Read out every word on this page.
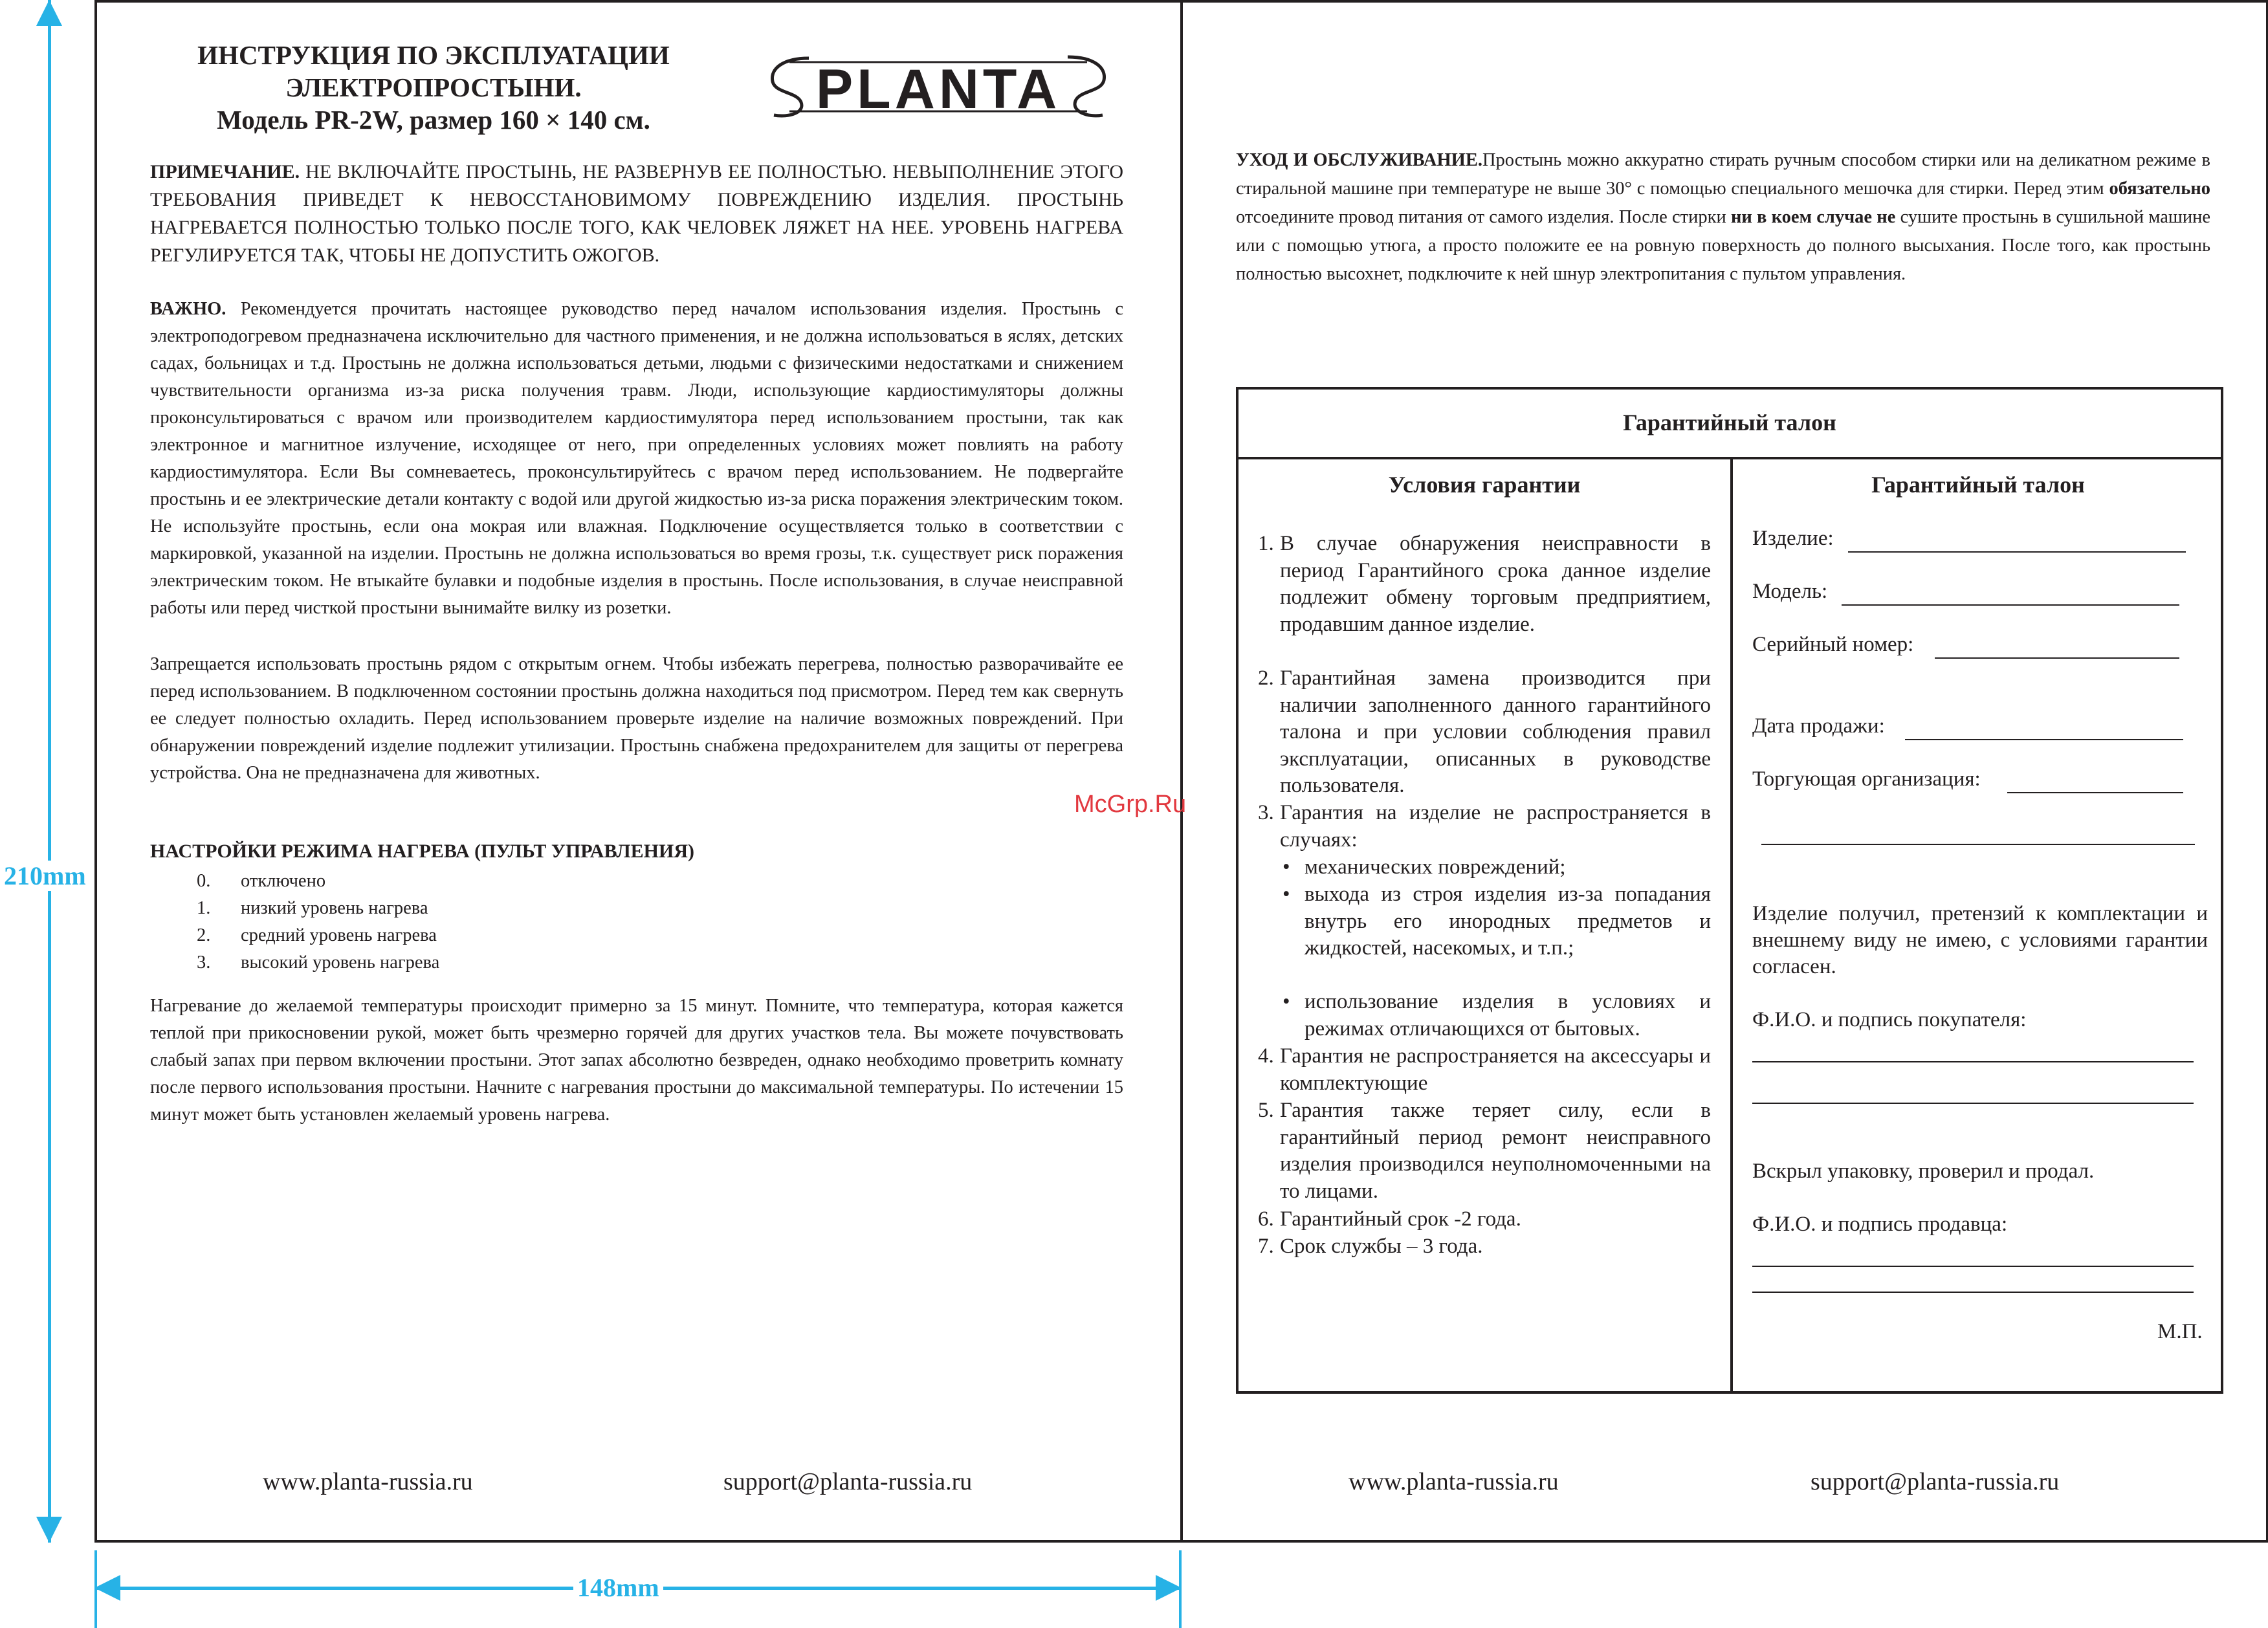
210mm
148mm
ИНСТРУКЦИЯ ПО ЭКСПЛУАТАЦИИ
ЭЛЕКТРОПРОСТЫНИ.
Модель PR-2W, размер 160 × 140 см.	PLANTA
ПРИМЕЧАНИЕ. НЕ ВКЛЮЧАЙТЕ ПРОСТЫНЬ, НЕ РАЗВЕРНУВ ЕЕ ПОЛНОСТЬЮ. НЕВЫПОЛНЕНИЕ ЭТОГО ТРЕБОВАНИЯ ПРИВЕДЕТ К НЕВОССТАНОВИМОМУ ПОВРЕЖДЕНИЮ ИЗДЕЛИЯ. ПРОСТЫНЬ НАГРЕВАЕТСЯ ПОЛНОСТЬЮ ТОЛЬКО ПОСЛЕ ТОГО, КАК ЧЕЛОВЕК ЛЯЖЕТ НА НЕЕ. УРОВЕНЬ НАГРЕВА РЕГУЛИРУЕТСЯ ТАК, ЧТОБЫ НЕ ДОПУСТИТЬ ОЖОГОВ.
ВАЖНО. Рекомендуется прочитать настоящее руководство перед началом использования изделия. Простынь с электроподогревом предназначена исключительно для частного применения, и не должна использоваться в яслях, детских садах, больницах и т.д. Простынь не должна использоваться детьми, людьми с физическими недостатками и снижением чувствительности организма из-за риска получения травм. Люди, использующие кардиостимуляторы должны проконсультироваться с врачом или производителем кардиостимулятора перед использованием простыни, так как электронное и магнитное излучение, исходящее от него, при определенных условиях может повлиять на работу кардиостимулятора. Если Вы сомневаетесь, проконсультируйтесь с врачом перед использованием. Не подвергайте простынь и ее электрические детали контакту с водой или другой жидкостью из-за риска поражения электрическим током. Не используйте простынь, если она мокрая или влажная. Подключение осуществляется только в соответствии с маркировкой, указанной на изделии. Простынь не должна использоваться во время грозы, т.к. существует риск поражения электрическим током. Не втыкайте булавки и подобные изделия в простынь. После использования, в случае неисправной работы или перед чисткой простыни вынимайте вилку из розетки.
Запрещается использовать простынь рядом с открытым огнем. Чтобы избежать перегрева, полностью разворачивайте ее перед использованием. В подключенном состоянии простынь должна находиться под присмотром. Перед тем как свернуть ее следует полностью охладить. Перед использованием проверьте изделие на наличие возможных повреждений. При обнаружении повреждений изделие подлежит утилизации. Простынь снабжена предохранителем для защиты от перегрева устройства. Она не предназначена для животных.
НАСТРОЙКИ РЕЖИМА НАГРЕВА (ПУЛЬТ УПРАВЛЕНИЯ)
0. отключено
1. низкий уровень нагрева
2. средний уровень нагрева
3. высокий уровень нагрева
Нагревание до желаемой температуры происходит примерно за 15 минут. Помните, что температура, которая кажется теплой при прикосновении рукой, может быть чрезмерно горячей для других участков тела. Вы можете почувствовать слабый запах при первом включении простыни. Этот запах абсолютно безвреден, однако необходимо проветрить комнату после первого использования простыни. Начните с нагревания простыни до максимальной температуры. По истечении 15 минут может быть установлен желаемый уровень нагрева.
McGrp.Ru
www.planta-russia.ru	support@planta-russia.ru
УХОД И ОБСЛУЖИВАНИЕ.Простынь можно аккуратно стирать ручным способом стирки или на деликатном режиме в стиральной машине при температуре не выше 30° с помощью специального мешочка для стирки. Перед этим обязательно отсоедините провод питания от самого изделия. После стирки ни в коем случае не сушите простынь в сушильной машине или с помощью утюга, а просто положите ее на ровную поверхность до полного высыхания. После того, как простынь полностью высохнет, подключите к ней шнур электропитания с пультом управления.
Гарантийный талон
Условия гарантии	Гарантийный талон
1. В случае обнаружения неисправности в период Гарантийного срока данное изделие подлежит обмену торговым предприятием, продавшим данное изделие.
2. Гарантийная замена производится при наличии заполненного данного гарантийного талона и при условии соблюдения правил эксплуатации, описанных в руководстве пользователя.
3. Гарантия на изделие не распространяется в случаях:
• механических повреждений;
• выхода из строя изделия из-за попадания внутрь его инородных предметов и жидкостей, насекомых, и т.п.;
• использование изделия в условиях и режимах отличающихся от бытовых.
4. Гарантия не распространяется на аксессуары и комплектующие
5. Гарантия также теряет силу, если в гарантийный период ремонт неисправного изделия производился неуполномоченными на то лицами.
6. Гарантийный срок -2 года.
7. Срок службы – 3 года.
Изделие:
Модель:
Серийный номер:
Дата продажи:
Торгующая организация:
Изделие получил, претензий к комплектации и внешнему виду не имею, с условиями гарантии согласен.
Ф.И.О. и подпись покупателя:
Вскрыл упаковку, проверил и продал.
Ф.И.О. и подпись продавца:
М.П.
www.planta-russia.ru	support@planta-russia.ru
